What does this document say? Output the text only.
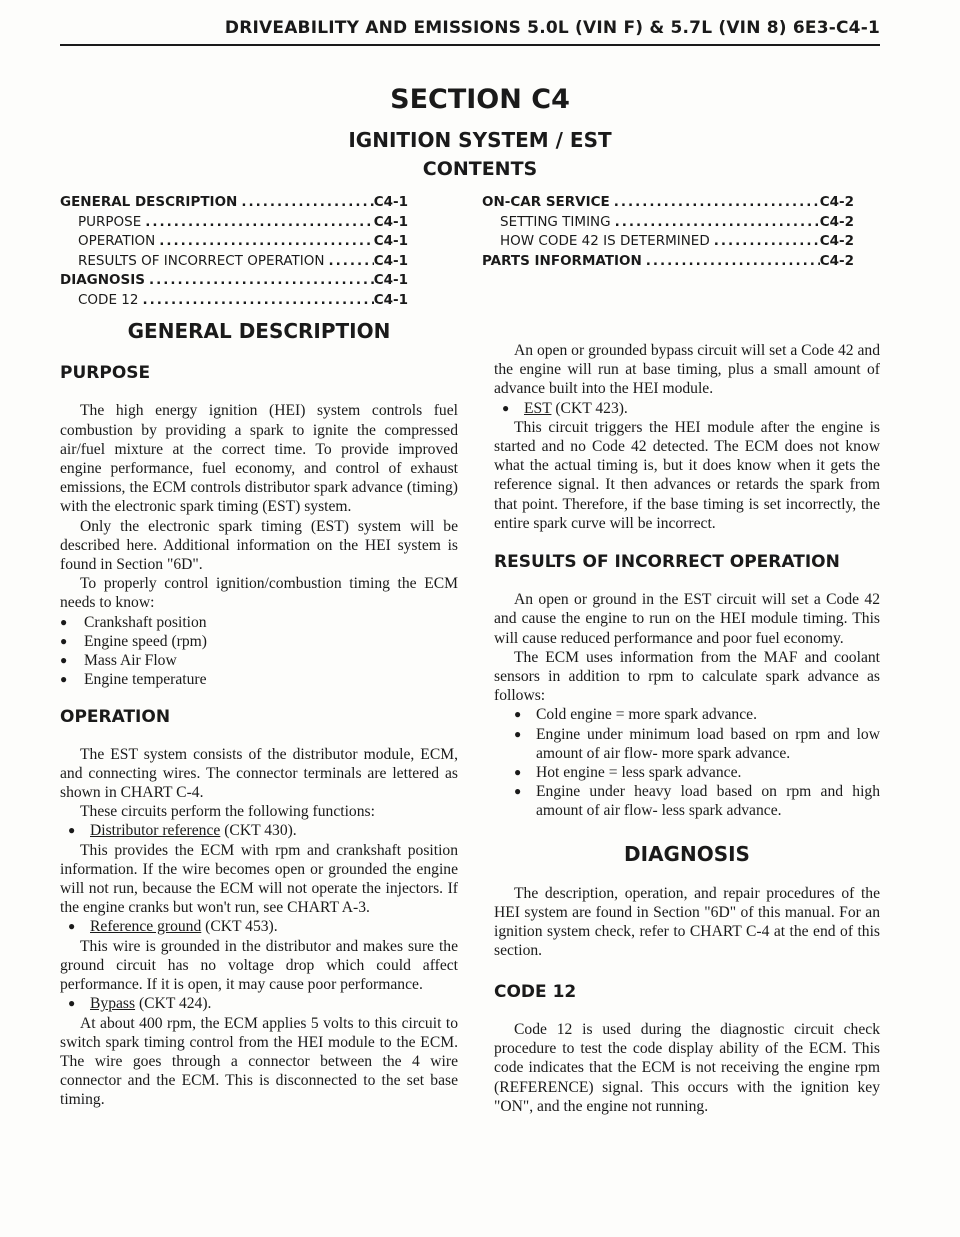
DRIVEABILITY AND EMISSIONS 5.0L (VIN F) & 5.7L (VIN 8) 6E3-C4-1
SECTION C4
IGNITION SYSTEM / EST
CONTENTS
GENERAL DESCRIPTION .....	C4-1
PURPOSE .....	C4-1
OPERATION .....	C4-1
RESULTS OF INCORRECT OPERATION .....	C4-1
DIAGNOSIS .....	C4-1
CODE 12 .....	C4-1
ON-CAR SERVICE .....	C4-2
SETTING TIMING .....	C4-2
HOW CODE 42 IS DETERMINED .....	C4-2
PARTS INFORMATION .....	C4-2
GENERAL DESCRIPTION
PURPOSE

The high energy ignition (HEI) system controls fuel combustion by providing a spark to ignite the compressed air/fuel mixture at the correct time. To provide improved engine performance, fuel economy, and control of exhaust emissions, the ECM controls distributor spark advance (timing) with the electronic spark timing (EST) system.

Only the electronic spark timing (EST) system will be described here. Additional information on the HEI system is found in Section "6D".

To properly control ignition/combustion timing the ECM needs to know:

●	Crankshaft position
●	Engine speed (rpm)
●	Mass Air Flow
●	Engine temperature
OPERATION

The EST system consists of the distributor module, ECM, and connecting wires. The connector terminals are lettered as shown in CHART C-4.

These circuits perform the following functions:

● Distributor reference (CKT 430).

This provides the ECM with rpm and crankshaft position information. If the wire becomes open or grounded the engine will not run, because the ECM will not operate the injectors. If the engine cranks but won't run, see CHART A-3.

● Reference ground (CKT 453).

This wire is grounded in the distributor and makes sure the ground circuit has no voltage drop which could affect performance. If it is open, it may cause poor performance.

● Bypass (CKT 424).

At about 400 rpm, the ECM applies 5 volts to this circuit to switch spark timing control from the HEI module to the ECM. The wire goes through a connector between the 4 wire connector and the ECM. This is disconnected to the set base timing.

An open or grounded bypass circuit will set a Code 42 and the engine will run at base timing, plus a small amount of advance built into the HEI module.

● EST (CKT 423).

This circuit triggers the HEI module after the engine is started and no Code 42 detected. The ECM does not know what the actual timing is, but it does know when it gets the reference signal. It then advances or retards the spark from that point. Therefore, if the base timing is set incorrectly, the entire spark curve will be incorrect.

RESULTS OF INCORRECT OPERATION

An open or ground in the EST circuit will set a Code 42 and cause the engine to run on the HEI module timing. This will cause reduced performance and poor fuel economy.

The ECM uses information from the MAF and coolant sensors in addition to rpm to calculate spark advance as follows:

● Cold engine = more spark advance.
● Engine under minimum load based on rpm and low amount of air flow- more spark advance.
● Hot engine = less spark advance.
● Engine under heavy load based on rpm and high amount of air flow- less spark advance.
DIAGNOSIS

The description, operation, and repair procedures of the HEI system are found in Section "6D" of this manual. For an ignition system check, refer to CHART C-4 at the end of this section.

CODE 12

Code 12 is used during the diagnostic circuit check procedure to test the code display ability of the ECM. This code indicates that the ECM is not receiving the engine rpm (REFERENCE) signal. This occurs with the ignition key "ON", and the engine not running.
